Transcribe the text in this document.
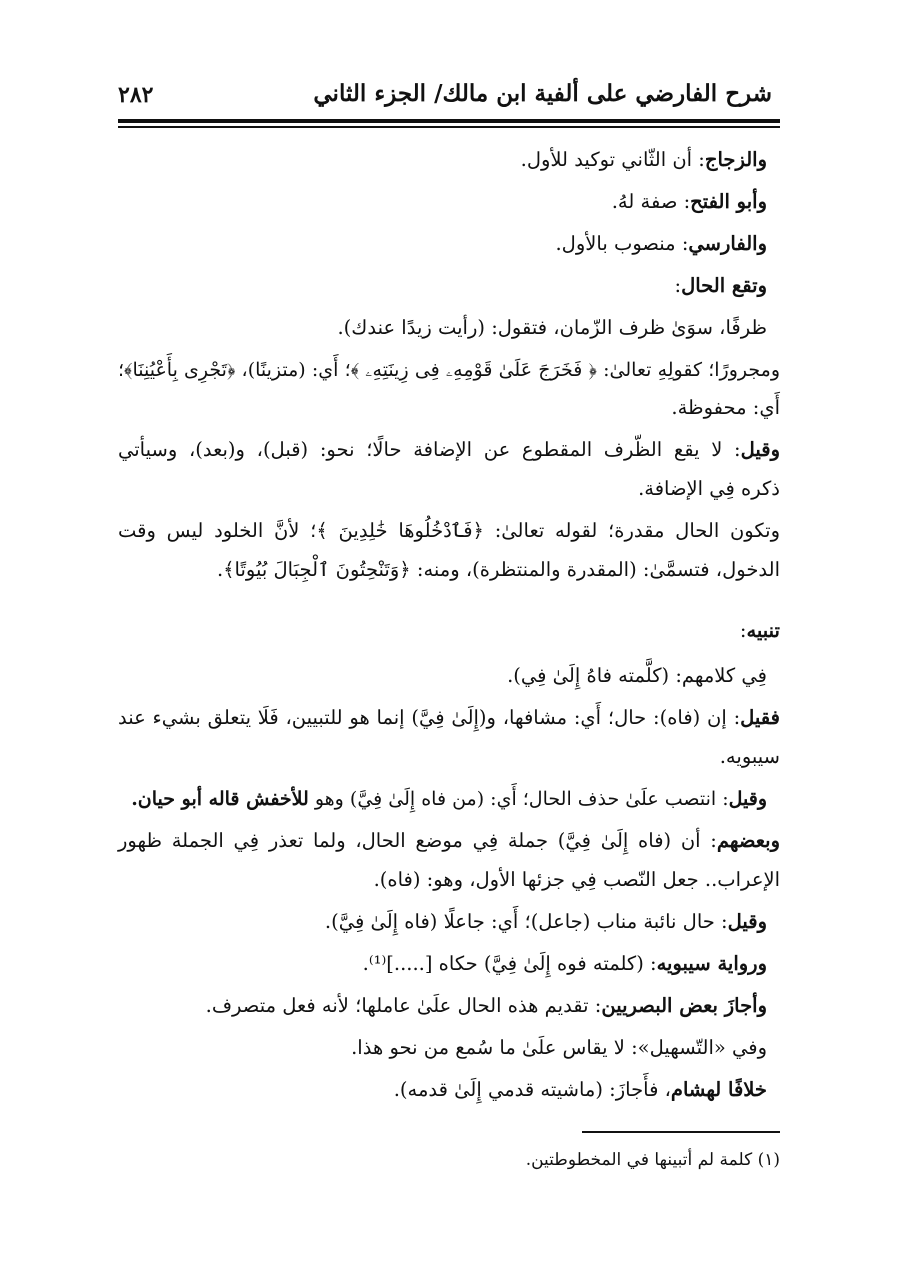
شرح الفارضي على ألفية ابن مالك/ الجزء الثاني
٢٨٢
والزجاج: أن الثّاني توكيد للأول.
وأبو الفتح: صفة لهُ.
والفارسي: منصوب بالأول.
وتقع الحال:
ظرفًا، سوَىٰ ظرف الزّمان، فتقول: (رأيت زيدًا عندك).
ومجرورًا؛ كقولِهِ تعالىٰ: ﴿ فَخَرَجَ عَلَىٰ قَوْمِهِۦ فِى زِينَتِهِۦ ﴾؛ أَي: (متزينًا)، ﴿تَجْرِى بِأَعْيُنِنَا﴾؛
أَي: محفوظة.
وقيل: لا يقع الظّرف المقطوع عن الإضافة حالًا؛ نحو: (قبل)، و(بعد)، وسيأتي
ذكره فِي الإضافة.
وتكون الحال مقدرة؛ لقوله تعالىٰ: ﴿فَٱدْخُلُوهَا خَٰلِدِينَ ﴾؛ لأنَّ الخلود ليس وقت
الدخول، فتسمَّىٰ: (المقدرة والمنتظرة)، ومنه: ﴿وَتَنْحِتُونَ ٱلْجِبَالَ بُيُوتًا﴾.
تنبيه:
فِي كلامهم: (كلَّمته فاهُ إِلَىٰ فِي).
فقيل: إن (فاه): حال؛ أَي: مشافها، و(إِلَىٰ فِيَّ) إنما هو للتبيين، فَلَا يتعلق بشيء عند
سيبويه.
وقيل: انتصب علَىٰ حذف الحال؛ أَي: (من فاه إِلَىٰ فِيَّ) وهو للأخفش قاله أبو حيان.
وبعضهم: أن (فاه إِلَىٰ فِيَّ) جملة فِي موضع الحال، ولما تعذر فِي الجملة ظهور
الإعراب.. جعل النّصب فِي جزئها الأول، وهو: (فاه).
وقيل: حال نائبة مناب (جاعل)؛ أَي: جاعلًا (فاه إِلَىٰ فِيَّ).
ورواية سيبويه: (كلمته فوه إِلَىٰ فِيَّ) حكاه [.....]⁽¹⁾.
وأجازَ بعض البصريين: تقديم هذه الحال علَىٰ عاملها؛ لأنه فعل متصرف.
وفي «التّسهيل»: لا يقاس علَىٰ ما سُمع من نحو هذا.
خلافًا لهشام، فأَجازَ: (ماشيته قدمي إِلَىٰ قدمه).
(١) كلمة لم أتبينها في المخطوطتين.
